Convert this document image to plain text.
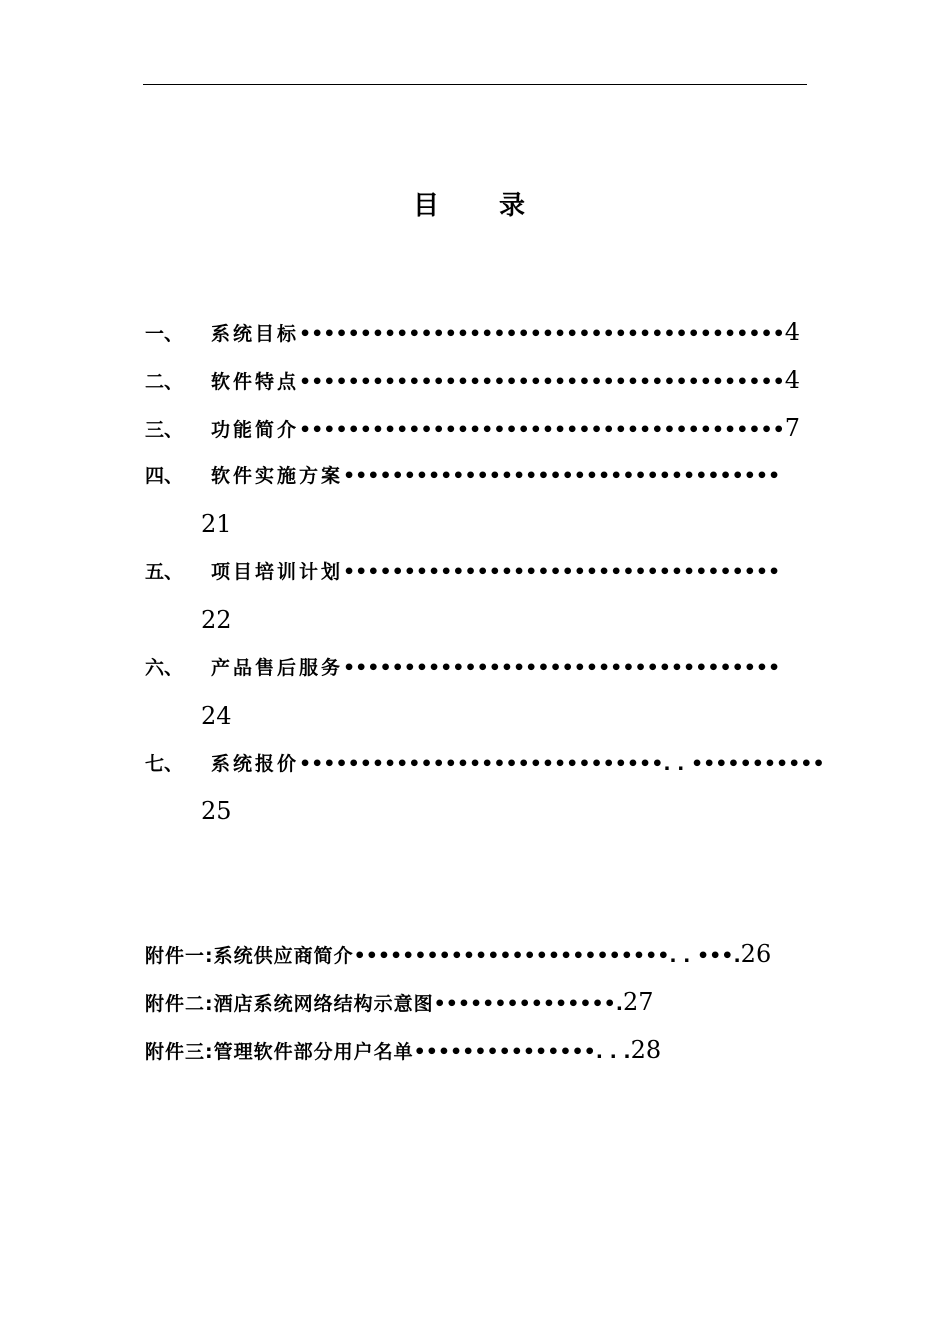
目 录
一、 系统目标••••••••••••••••••••••••••••••••••••••••4
二、 软件特点••••••••••••••••••••••••••••••••••••••••4
三、 功能简介••••••••••••••••••••••••••••••••••••••••7
四、 软件实施方案••••••••••••••••••••••••••••••••••••
21
五、 项目培训计划••••••••••••••••••••••••••••••••••••
22
六、 产品售后服务••••••••••••••••••••••••••••••••••••
24
七、 系统报价••••••••••••••••••••••••••••••. . •••••••••••
25
附件一:系统供应商简介••••••••••••••••••••••••••. . •••.26
附件二:酒店系统网络结构示意图•••••••••••••••.27
附件三:管理软件部分用户名单•••••••••••••••. . .28
